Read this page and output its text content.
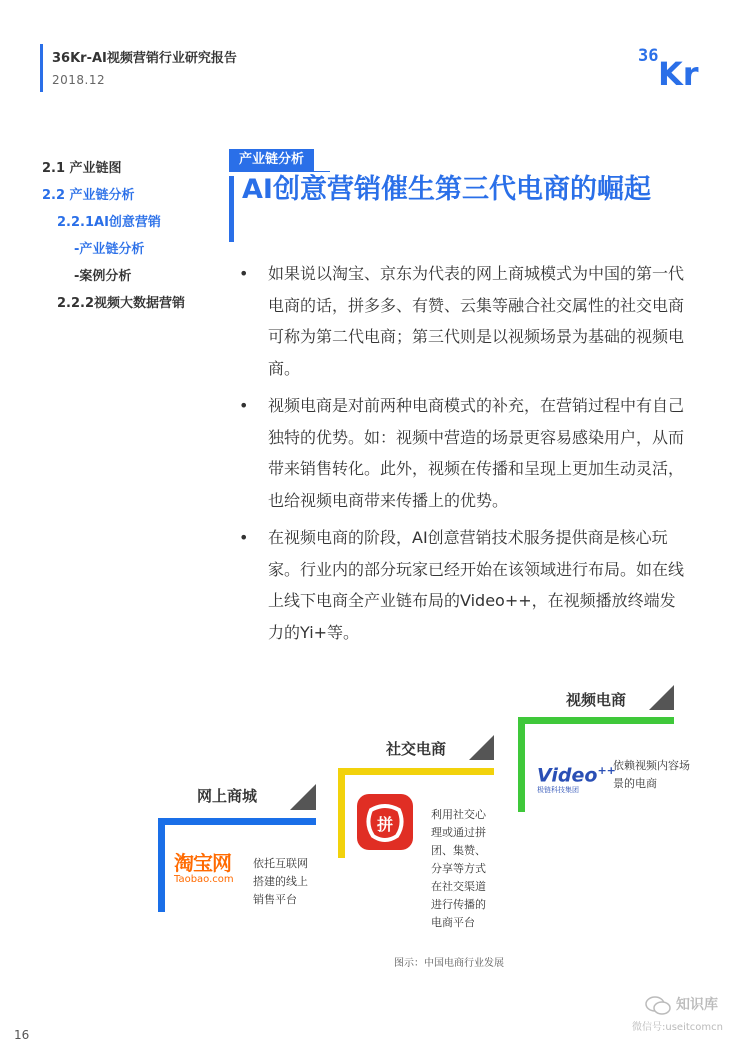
36Kr-AI视频营销行业研究报告
2018.12
36 Kr
2.1 产业链图
2.2 产业链分析
2.2.1AI创意营销
-产业链分析
-案例分析
2.2.2视频大数据营销
产业链分析
AI创意营销催生第三代电商的崛起
• 如果说以淘宝、京东为代表的网上商城模式为中国的第一代电商的话，拼多多、有赞、云集等融合社交属性的社交电商可称为第二代电商；第三代则是以视频场景为基础的视频电商。
• 视频电商是对前两种电商模式的补充，在营销过程中有自己独特的优势。如：视频中营造的场景更容易感染用户，从而带来销售转化。此外，视频在传播和呈现上更加生动灵活，也给视频电商带来传播上的优势。
• 在视频电商的阶段，AI创意营销技术服务提供商是核心玩家。行业内的部分玩家已经开始在该领域进行布局。如在线上线下电商全产业链布局的Video++，在视频播放终端发力的Yi+等。
网上商城
社交电商
视频电商
淘宝网
Taobao.com
依托互联网搭建的线上销售平台
拼
利用社交心理或通过拼团、集赞、分享等方式在社交渠道进行传播的电商平台
Video++
极链科技集团
依赖视频内容场景的电商
图示：中国电商行业发展
16
知识库
微信号:useitcomcn
